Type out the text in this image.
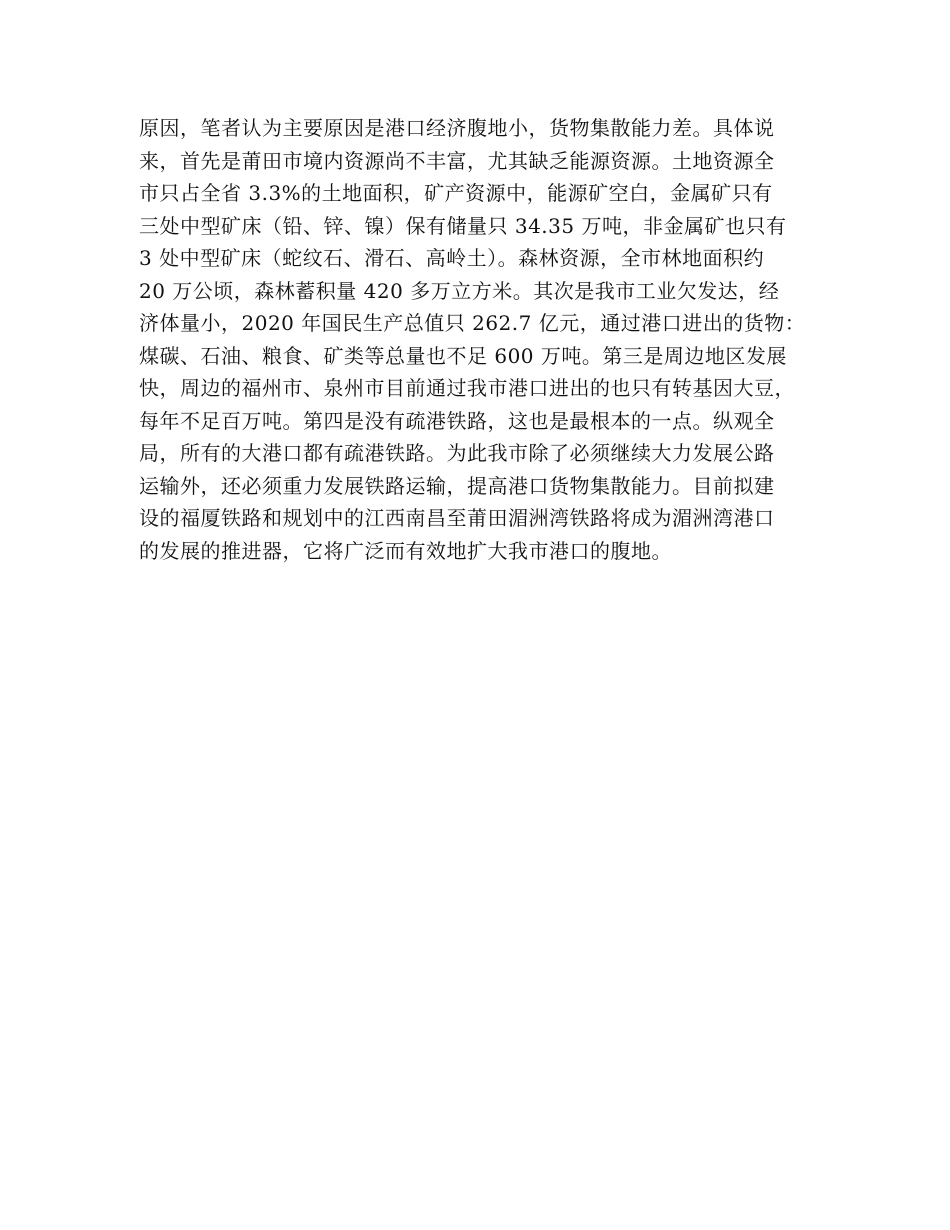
原因，笔者认为主要原因是港口经济腹地小，货物集散能力差。具体说
来，首先是莆田市境内资源尚不丰富，尤其缺乏能源资源。土地资源全
市只占全省 3.3%的土地面积，矿产资源中，能源矿空白，金属矿只有
三处中型矿床（铅、锌、镍）保有储量只 34.35 万吨，非金属矿也只有
3 处中型矿床（蛇纹石、滑石、高岭土）。森林资源，全市林地面积约
20 万公顷，森林蓄积量 420 多万立方米。其次是我市工业欠发达，经
济体量小，2020 年国民生产总值只 262.7 亿元，通过港口进出的货物：
煤碳、石油、粮食、矿类等总量也不足 600 万吨。第三是周边地区发展
快，周边的福州市、泉州市目前通过我市港口进出的也只有转基因大豆，
每年不足百万吨。第四是没有疏港铁路，这也是最根本的一点。纵观全
局，所有的大港口都有疏港铁路。为此我市除了必须继续大力发展公路
运输外，还必须重力发展铁路运输，提高港口货物集散能力。目前拟建
设的福厦铁路和规划中的江西南昌至莆田湄洲湾铁路将成为湄洲湾港口
的发展的推进器，它将广泛而有效地扩大我市港口的腹地。
